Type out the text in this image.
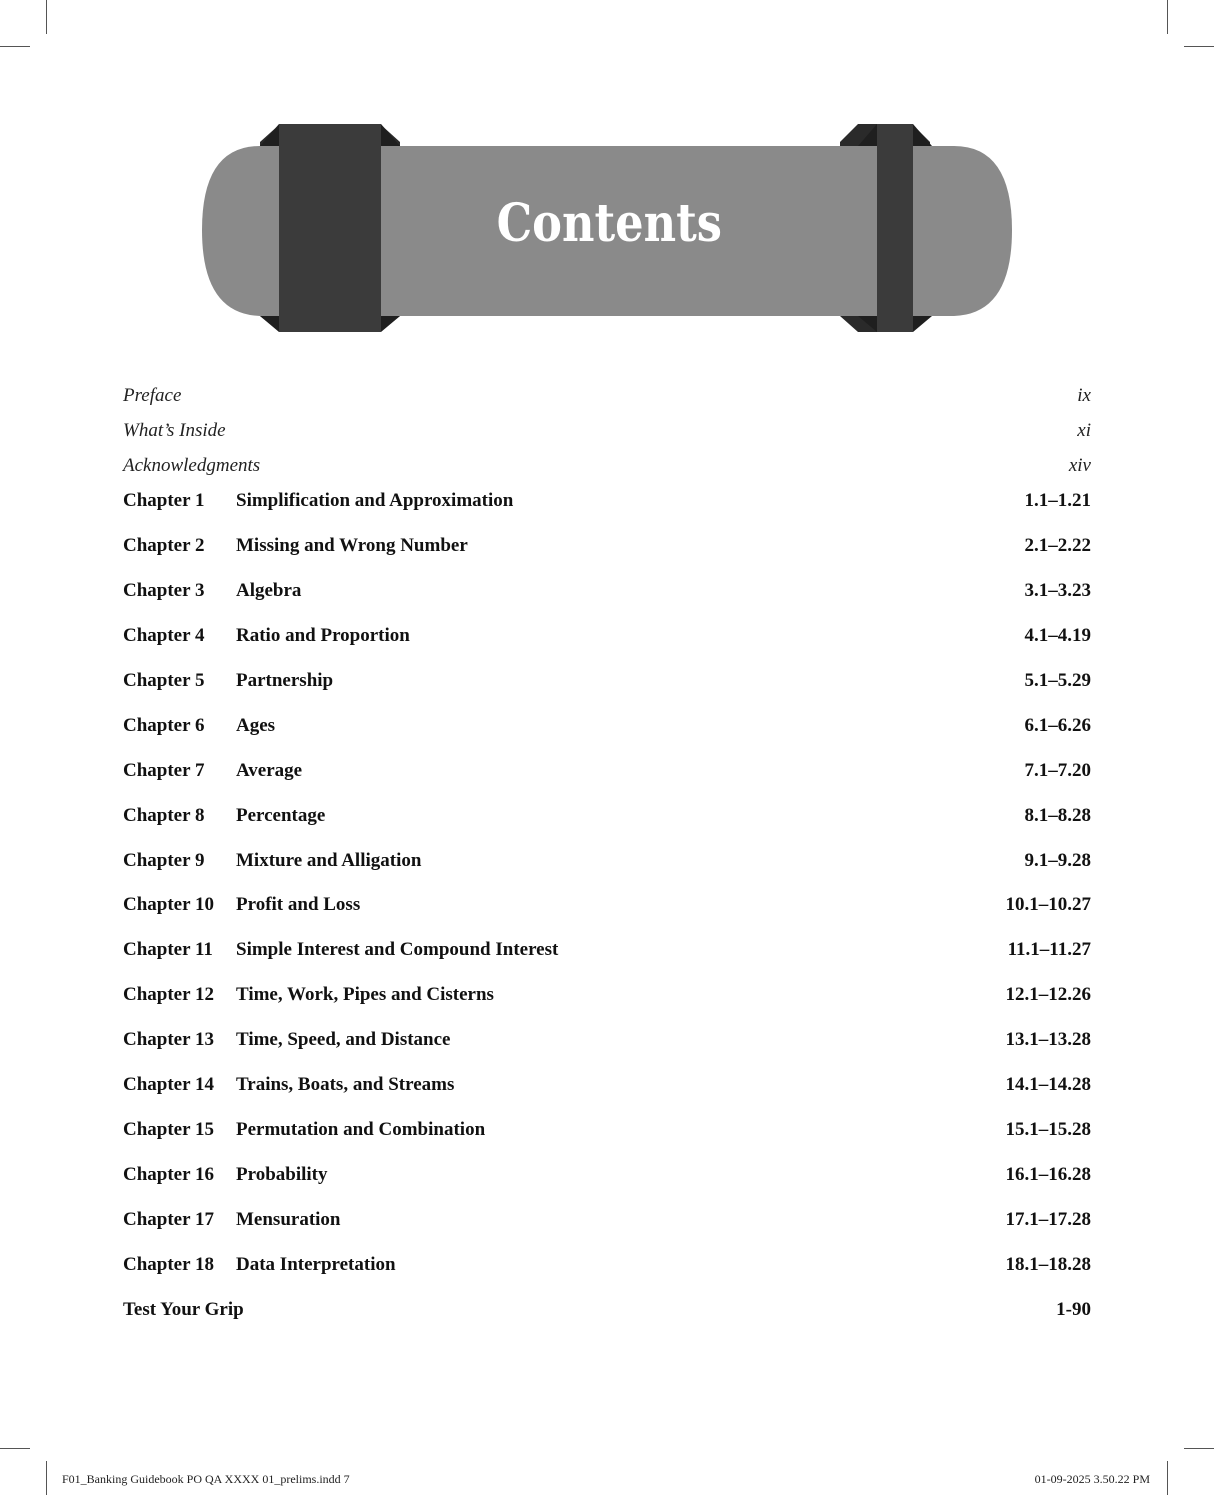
Contents
Preface	ix
What’s Inside	xi
Acknowledgments	xiv
Chapter 1 Simplification and Approximation	1.1–1.21
Chapter 2 Missing and Wrong Number	2.1–2.22
Chapter 3 Algebra	3.1–3.23
Chapter 4 Ratio and Proportion	4.1–4.19
Chapter 5 Partnership	5.1–5.29
Chapter 6 Ages	6.1–6.26
Chapter 7 Average	7.1–7.20
Chapter 8 Percentage	8.1–8.28
Chapter 9 Mixture and Alligation	9.1–9.28
Chapter 10 Profit and Loss	10.1–10.27
Chapter 11 Simple Interest and Compound Interest	11.1–11.27
Chapter 12 Time, Work, Pipes and Cisterns	12.1–12.26
Chapter 13 Time, Speed, and Distance	13.1–13.28
Chapter 14 Trains, Boats, and Streams	14.1–14.28
Chapter 15 Permutation and Combination	15.1–15.28
Chapter 16 Probability	16.1–16.28
Chapter 17 Mensuration	17.1–17.28
Chapter 18 Data Interpretation	18.1–18.28
Test Your Grip	1-90
F01_Banking Guidebook PO QA XXXX 01_prelims.indd 7	01-09-2025 3.50.22 PM
